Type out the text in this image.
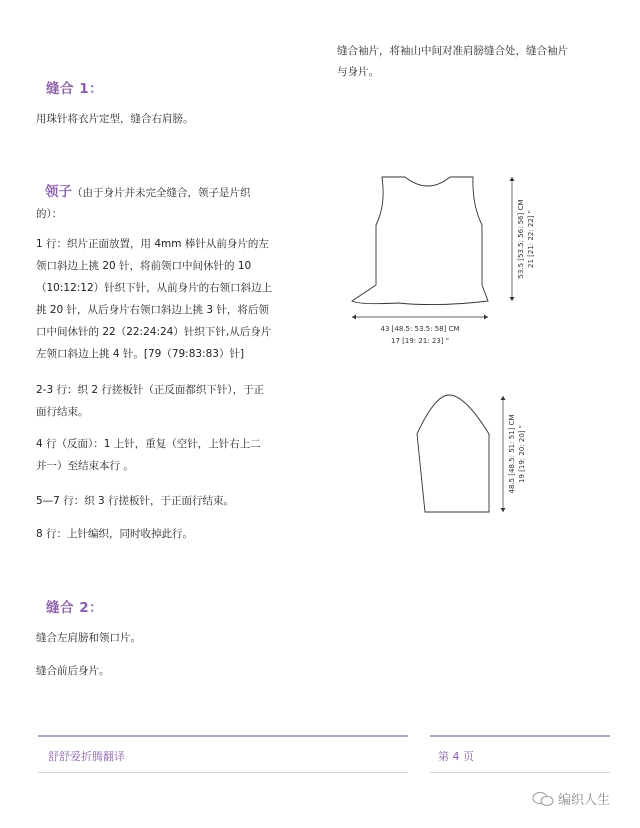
缝合袖片，将袖山中间对准肩膀缝合处，缝合袖片
与身片。
缝合 1：
用珠针将衣片定型，缝合右肩膀。
领子（由于身片并未完全缝合，领子是片织
的）：
1 行：织片正面放置，用 4mm 棒针从前身片的左
领口斜边上挑 20 针，将前领口中间休针的 10
（10:12:12）针织下针，从前身片的右领口斜边上
挑 20 针，从后身片右领口斜边上挑 3 针，将后领
口中间休针的 22（22:24:24）针织下针,从后身片
左领口斜边上挑 4 针。[79（79:83:83）针]
2-3 行：织 2 行搓板针（正反面都织下针），于正
面行结束。
4 行（反面）：1 上针，重复（空针，上针右上二
并一）至结束本行 。
5—7 行：织 3 行搓板针，于正面行结束。
8 行：上针编织，同时收掉此行。
缝合 2：
缝合左肩膀和领口片。
缝合前后身片。
43 [48.5: 53.5: 58] CM
17 [19: 21: 23] "
53.5 [53.5: 56: 56] CM 21 [21: 22: 22] "
48.5 [48.5: 51: 51] CM 19 [19: 20: 20] "
舒舒爱折腾翻译	第 4 页
编织人生
